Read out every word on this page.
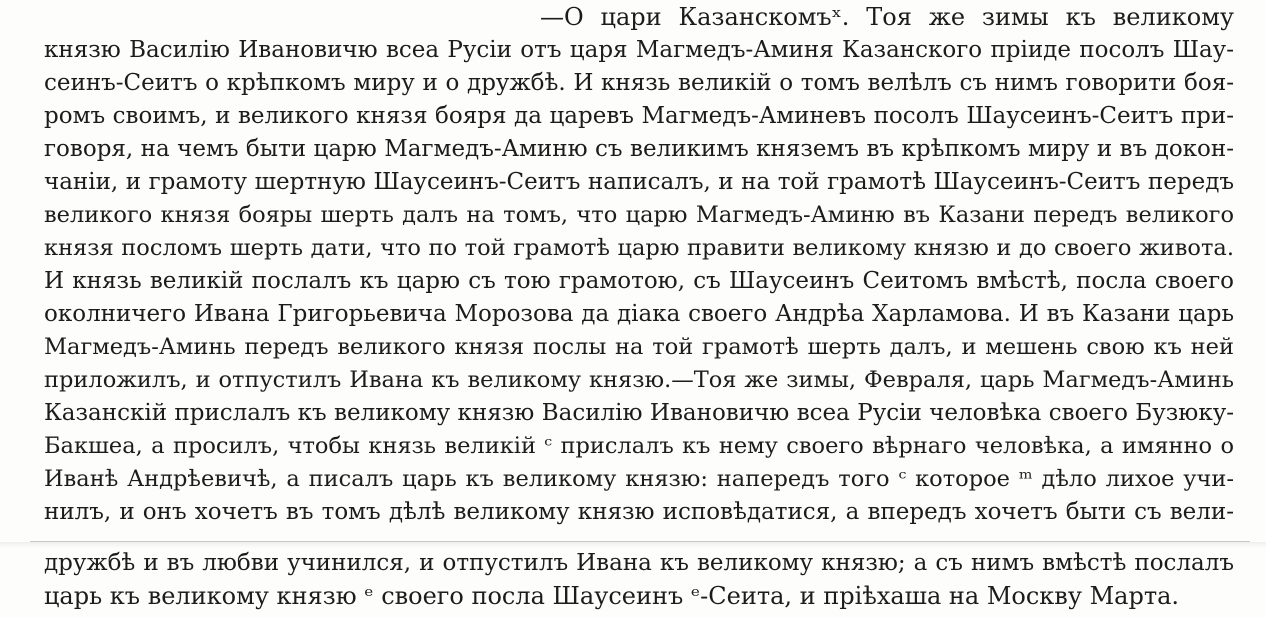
—О цари Казанскомъˣ. Тоя же зимы къ великому
князю Василію Ивановичю всеа Русіи отъ царя Магмедъ-Аминя Казанского пріиде посолъ Шау-
сеинъ-Сеитъ о крѣпкомъ миру и о дружбѣ. И князь великій о томъ велѣлъ съ нимъ говорити боя-
ромъ своимъ, и великого князя бояря да царевъ Магмедъ-Аминевъ посолъ Шаусеинъ-Сеитъ при-
говоря, на чемъ быти царю Магмедъ-Аминю съ великимъ княземъ въ крѣпкомъ миру и въ докон-
чаніи, и грамоту шертную Шаусеинъ-Сеитъ написалъ, и на той грамотѣ Шаусеинъ-Сеитъ передъ
великого князя бояры шерть далъ на томъ, что царю Магмедъ-Аминю въ Казани передъ великого
князя посломъ шерть дати, что по той грамотѣ царю правити великому князю и до своего живота.
И князь великій послалъ къ царю съ тою грамотою, съ Шаусеинъ Сеитомъ вмѣстѣ, посла своего
околничего Ивана Григорьевича Морозова да діака своего Андрѣа Харламова. И въ Казани царь
Магмедъ-Аминь передъ великого князя послы на той грамотѣ шерть далъ, и мешень свою къ ней
приложилъ, и отпустилъ Ивана къ великому князю.—Тоя же зимы, Февраля, царь Магмедъ-Аминь
Казанскій прислалъ къ великому князю Василію Ивановичю всеа Русіи человѣка своего Бузюку-
Бакшеа, а просилъ, чтобы князь великій ᶜ прислалъ къ нему своего вѣрнаго человѣка, а имянно о
Иванѣ Андрѣевичѣ, а писалъ царь къ великому князю: напередъ того ᶜ которое ᵐ дѣло лихое учи-
нилъ, и онъ хочетъ въ томъ дѣлѣ великому князю исповѣдатися, а впередъ хочетъ быти съ вели-
дружбѣ и въ любви учинился, и отпустилъ Ивана къ великому князю; а съ нимъ вмѣстѣ послалъ
царь къ великому князю ᵉ своего посла Шаусеинъ ᵉ-Сеита, и пріѣхаша на Москву Марта.
